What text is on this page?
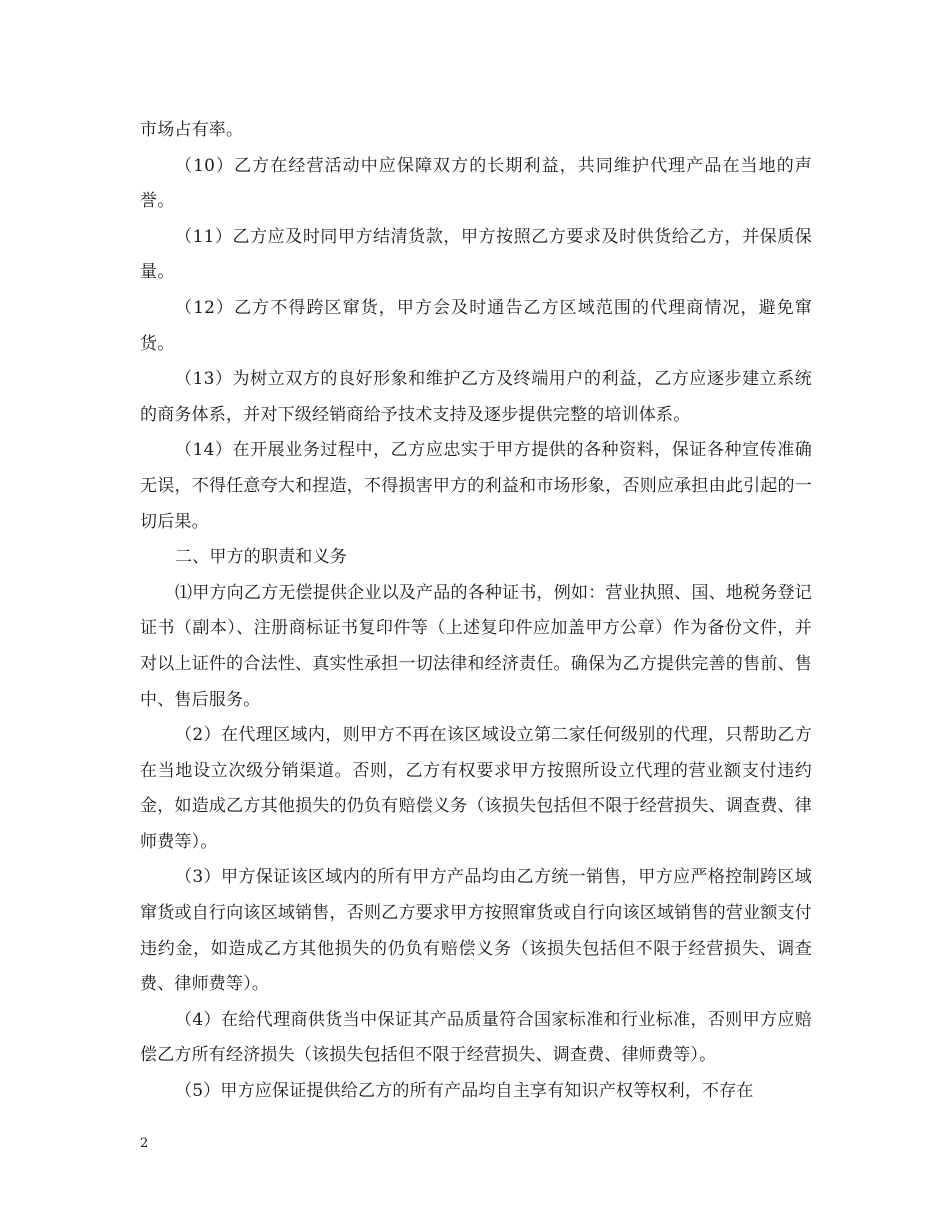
市场占有率。

（10）乙方在经营活动中应保障双方的长期利益，共同维护代理产品在当地的声誉。

（11）乙方应及时同甲方结清货款，甲方按照乙方要求及时供货给乙方，并保质保量。

（12）乙方不得跨区窜货，甲方会及时通告乙方区域范围的代理商情况，避免窜货。

（13）为树立双方的良好形象和维护乙方及终端用户的利益，乙方应逐步建立系统的商务体系，并对下级经销商给予技术支持及逐步提供完整的培训体系。

（14）在开展业务过程中，乙方应忠实于甲方提供的各种资料，保证各种宣传准确无误，不得任意夸大和捏造，不得损害甲方的利益和市场形象，否则应承担由此引起的一切后果。

二、甲方的职责和义务

⑴甲方向乙方无偿提供企业以及产品的各种证书，例如：营业执照、国、地税务登记证书（副本）、注册商标证书复印件等（上述复印件应加盖甲方公章）作为备份文件，并对以上证件的合法性、真实性承担一切法律和经济责任。确保为乙方提供完善的售前、售中、售后服务。

（2）在代理区域内，则甲方不再在该区域设立第二家任何级别的代理，只帮助乙方在当地设立次级分销渠道。否则，乙方有权要求甲方按照所设立代理的营业额支付违约金，如造成乙方其他损失的仍负有赔偿义务（该损失包括但不限于经营损失、调查费、律师费等）。

（3）甲方保证该区域内的所有甲方产品均由乙方统一销售，甲方应严格控制跨区域窜货或自行向该区域销售，否则乙方要求甲方按照窜货或自行向该区域销售的营业额支付违约金，如造成乙方其他损失的仍负有赔偿义务（该损失包括但不限于经营损失、调查费、律师费等）。

（4）在给代理商供货当中保证其产品质量符合国家标准和行业标准，否则甲方应赔偿乙方所有经济损失（该损失包括但不限于经营损失、调查费、律师费等）。

（5）甲方应保证提供给乙方的所有产品均自主享有知识产权等权利，不存在

2
